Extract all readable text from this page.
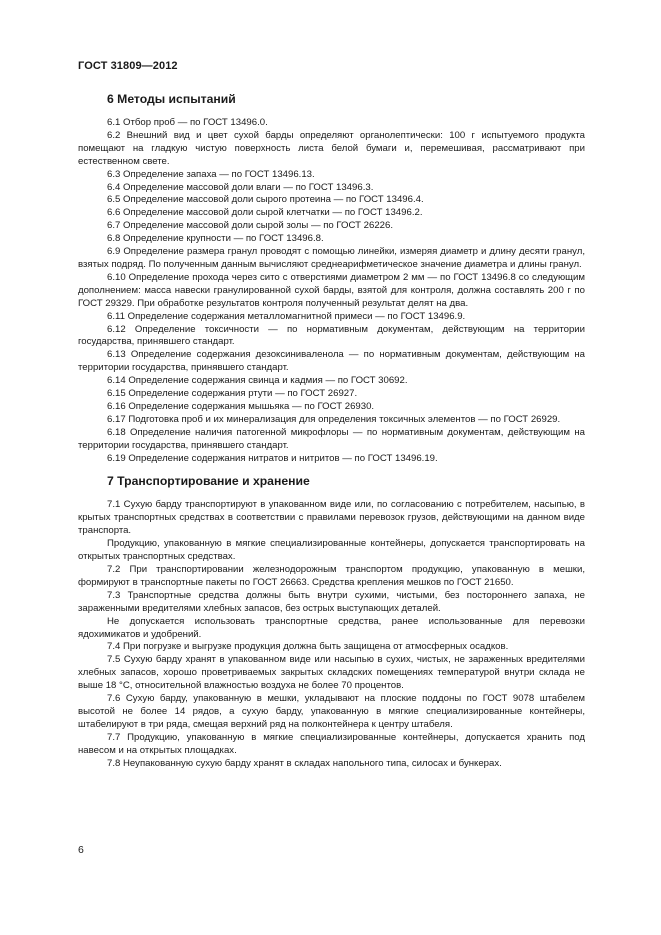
ГОСТ 31809—2012
6 Методы испытаний

6.1 Отбор проб — по ГОСТ 13496.0.

6.2 Внешний вид и цвет сухой барды определяют органолептически: 100 г испытуемого продукта помещают на гладкую чистую поверхность листа белой бумаги и, перемешивая, рассматривают при естественном свете.

6.3 Определение запаха — по ГОСТ 13496.13.

6.4 Определение массовой доли влаги — по ГОСТ 13496.3.

6.5 Определение массовой доли сырого протеина — по ГОСТ 13496.4.

6.6 Определение массовой доли сырой клетчатки — по ГОСТ 13496.2.

6.7 Определение массовой доли сырой золы — по ГОСТ 26226.

6.8 Определение крупности — по ГОСТ 13496.8.

6.9 Определение размера гранул проводят с помощью линейки, измеряя диаметр и длину десяти гранул, взятых подряд. По полученным данным вычисляют среднеарифметическое значение диаметра и длины гранул.

6.10 Определение прохода через сито с отверстиями диаметром 2 мм — по ГОСТ 13496.8 со следующим дополнением: масса навески гранулированной сухой барды, взятой для контроля, должна составлять 200 г по ГОСТ 29329. При обработке результатов контроля полученный результат делят на два.

6.11 Определение содержания металломагнитной примеси — по ГОСТ 13496.9.

6.12 Определение токсичности — по нормативным документам, действующим на территории государства, принявшего стандарт.

6.13 Определение содержания дезоксиниваленола — по нормативным документам, действующим на территории государства, принявшего стандарт.

6.14 Определение содержания свинца и кадмия — по ГОСТ 30692.

6.15 Определение содержания ртути — по ГОСТ 26927.

6.16 Определение содержания мышьяка — по ГОСТ 26930.

6.17 Подготовка проб и их минерализация для определения токсичных элементов — по ГОСТ 26929.

6.18 Определение наличия патогенной микрофлоры — по нормативным документам, действующим на территории государства, принявшего стандарт.

6.19 Определение содержания нитратов и нитритов — по ГОСТ 13496.19.

7 Транспортирование и хранение

7.1 Сухую барду транспортируют в упакованном виде или, по согласованию с потребителем, насыпью, в крытых транспортных средствах в соответствии с правилами перевозок грузов, действующими на данном виде транспорта.

Продукцию, упакованную в мягкие специализированные контейнеры, допускается транспортировать на открытых транспортных средствах.

7.2 При транспортировании железнодорожным транспортом продукцию, упакованную в мешки, формируют в транспортные пакеты по ГОСТ 26663. Средства крепления мешков по ГОСТ 21650.

7.3 Транспортные средства должны быть внутри сухими, чистыми, без постороннего запаха, не зараженными вредителями хлебных запасов, без острых выступающих деталей.

Не допускается использовать транспортные средства, ранее использованные для перевозки ядохимикатов и удобрений.

7.4 При погрузке и выгрузке продукция должна быть защищена от атмосферных осадков.

7.5 Сухую барду хранят в упакованном виде или насыпью в сухих, чистых, не зараженных вредителями хлебных запасов, хорошо проветриваемых закрытых складских помещениях температурой внутри склада не выше 18 °С, относительной влажностью воздуха не более 70 процентов.

7.6 Сухую барду, упакованную в мешки, укладывают на плоские поддоны по ГОСТ 9078 штабелем высотой не более 14 рядов, а сухую барду, упакованную в мягкие специализированные контейнеры, штабелируют в три ряда, смещая верхний ряд на полконтейнера к центру штабеля.

7.7 Продукцию, упакованную в мягкие специализированные контейнеры, допускается хранить под навесом и на открытых площадках.

7.8 Неупакованную сухую барду хранят в складах напольного типа, силосах и бункерах.

6
